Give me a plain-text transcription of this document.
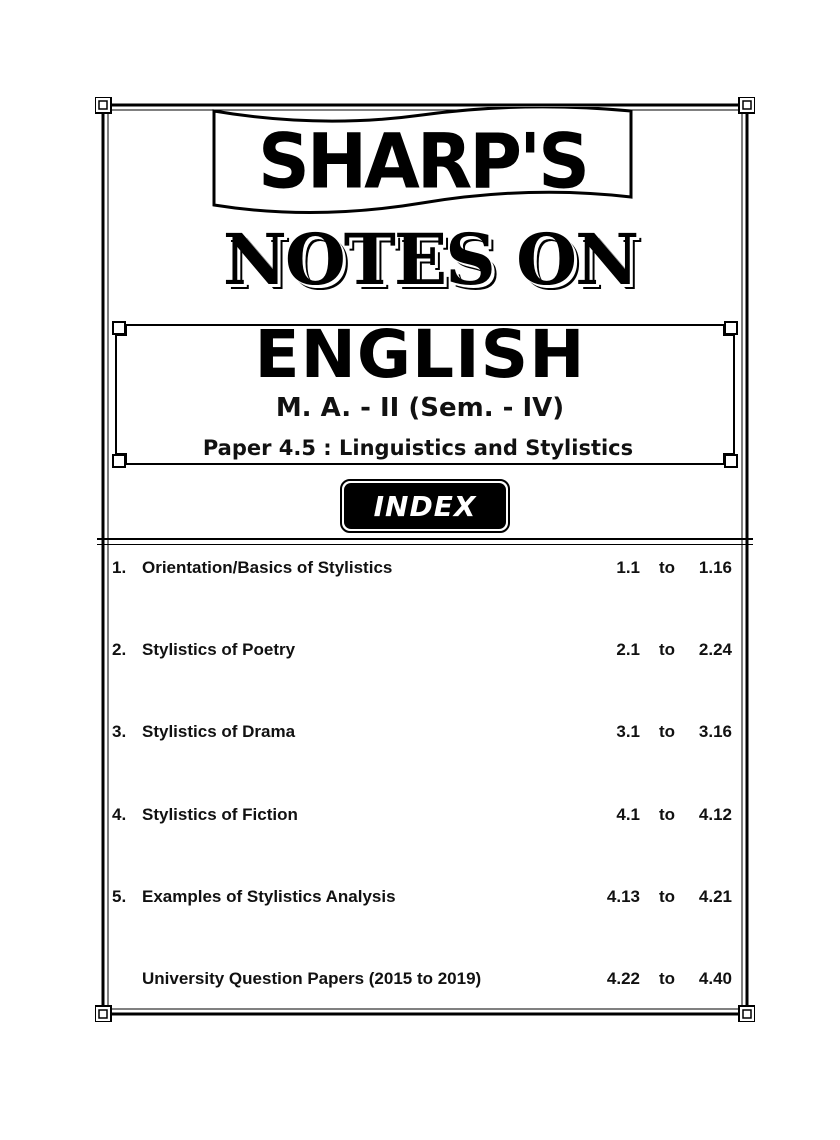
SHARP'S
NOTES ON
ENGLISH
M. A. - II (Sem. - IV)
Paper 4.5 : Linguistics and Stylistics
INDEX
1. Orientation/Basics of Stylistics	1.1 to	1.16
2. Stylistics of Poetry	2.1 to	2.24
3. Stylistics of Drama	3.1 to	3.16
4. Stylistics of Fiction	4.1 to	4.12
5. Examples of Stylistics Analysis	4.13 to	4.21
University Question Papers (2015 to 2019)	4.22 to	4.40
